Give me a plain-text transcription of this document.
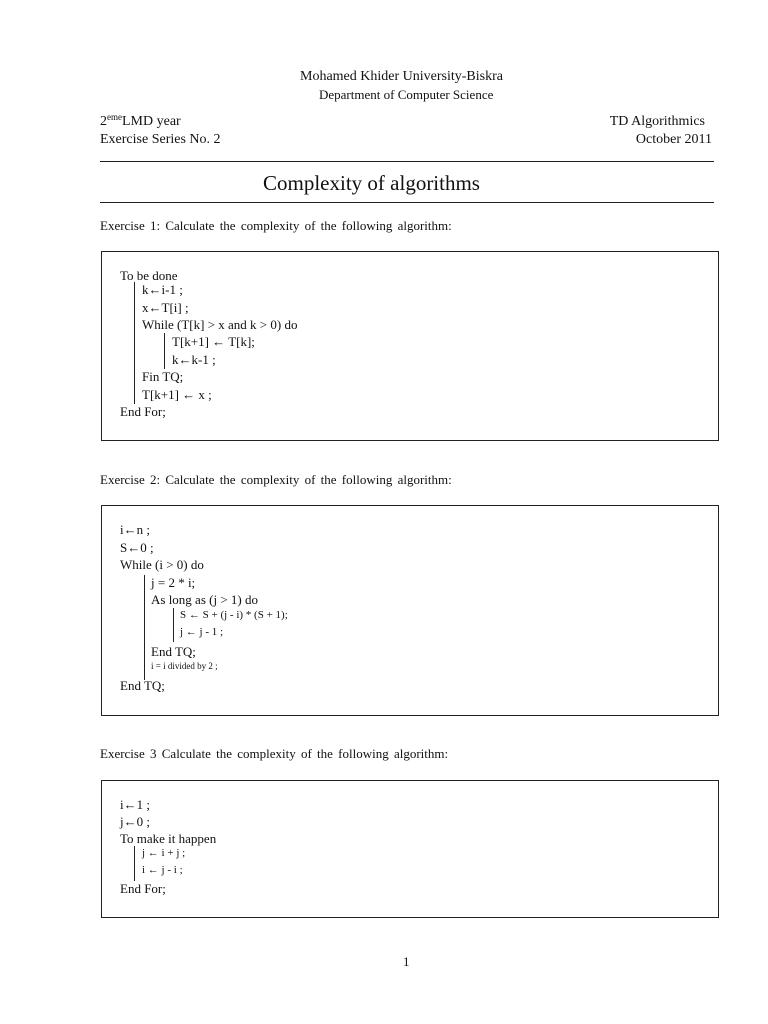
Mohamed Khider University-Biskra
Department of Computer Science
2emeLMD year	TD Algorithmics
Exercise Series No. 2	October 2011
Complexity of algorithms
Exercise 1: Calculate the complexity of the following algorithm:
To be done
k←i-1 ;
x←T[i] ;
While (T[k] > x and k > 0) do
T[k+1] ← T[k];
k←k-1 ;
Fin TQ;
T[k+1] ← x ;
End For;
Exercise 2: Calculate the complexity of the following algorithm:
i←n ;
S←0 ;
While (i > 0) do
j = 2 * i;
As long as (j > 1) do
S ← S + (j - i) * (S + 1);
j ← j - 1 ;
End TQ;
i = i divided by 2 ;
End TQ;
Exercise 3 Calculate the complexity of the following algorithm:
i←1 ;
j←0 ;
To make it happen
j ← i + j ;
i ← j - i ;
End For;
1
